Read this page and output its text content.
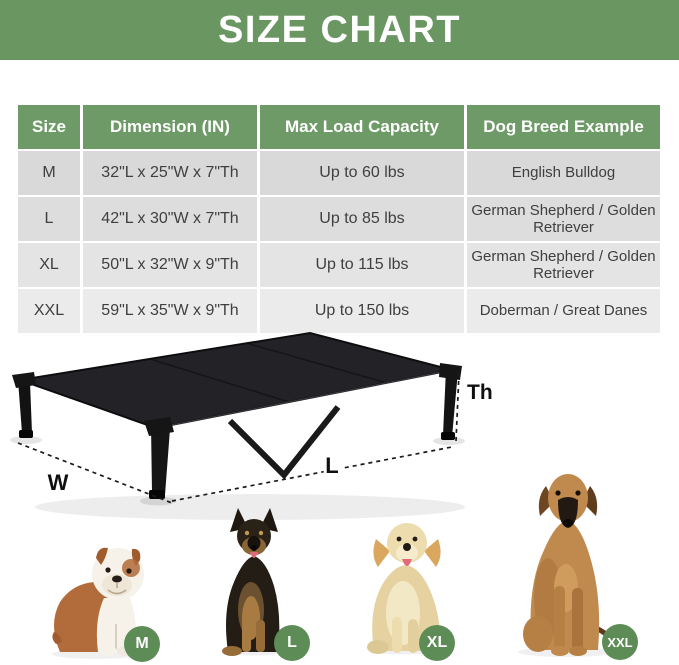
SIZE CHART
Size	Dimension (IN)	Max Load Capacity	Dog Breed Example
M	32"L x 25"W x 7"Th	Up to 60 lbs	English Bulldog
L	42"L x 30"W x 7"Th	Up to 85 lbs	German Shepherd / Golden Retriever
XL	50"L x 32"W x 9"Th	Up to 115 lbs	German Shepherd / Golden Retriever
XXL	59"L x 35"W x 9"Th	Up to 150 lbs	Doberman / Great Danes
W
L
Th
M	L	XL	XXL
